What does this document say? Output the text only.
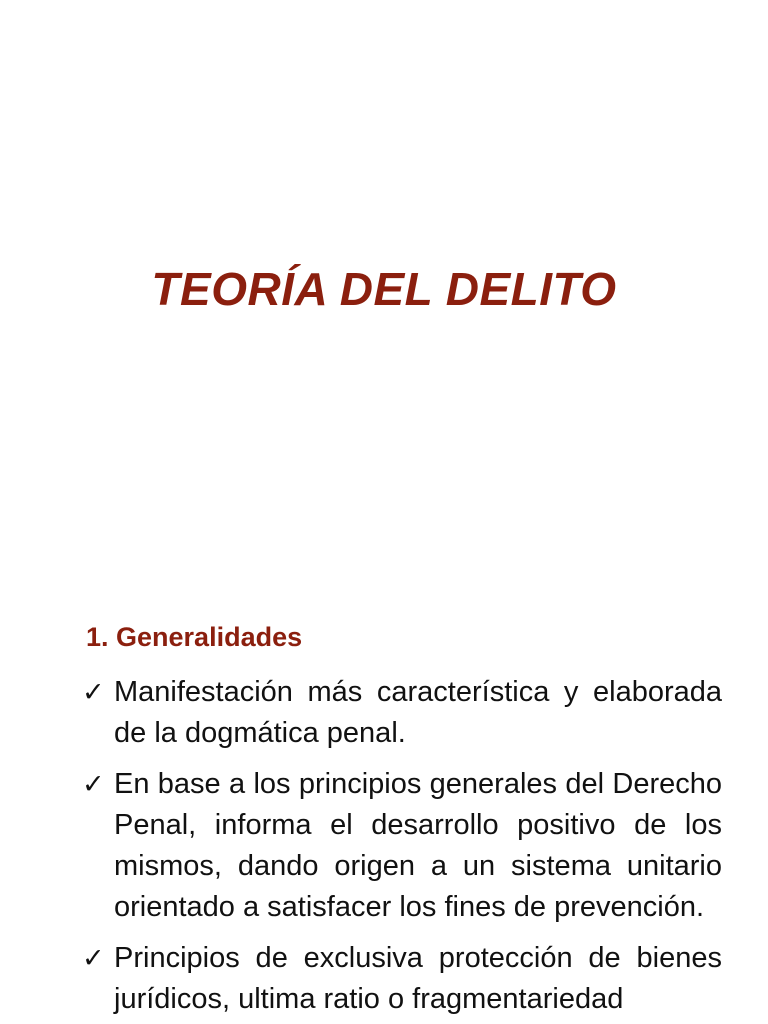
TEORÍA DEL DELITO
1. Generalidades
✓ Manifestación más característica y elaborada de la dogmática penal.
✓ En base a los principios generales del Derecho Penal, informa el desarrollo positivo de los mismos, dando origen a un sistema unitario orientado a satisfacer los fines de prevención.
✓ Principios de exclusiva protección de bienes jurídicos, ultima ratio o fragmentariedad
